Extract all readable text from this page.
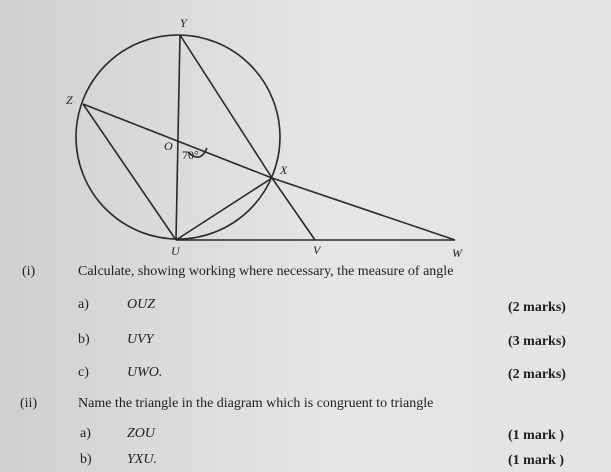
Y
Z
O
X
U	V	W
70°
(i)	Calculate, showing working where necessary, the measure of angle
a)	OUZ	(2 marks)
b)	UVY	(3 marks)
c)	UWO.	(2 marks)
(ii)	Name the triangle in the diagram which is congruent to triangle
a)	ZOU	(1 mark )
b)	YXU.	(1 mark )
